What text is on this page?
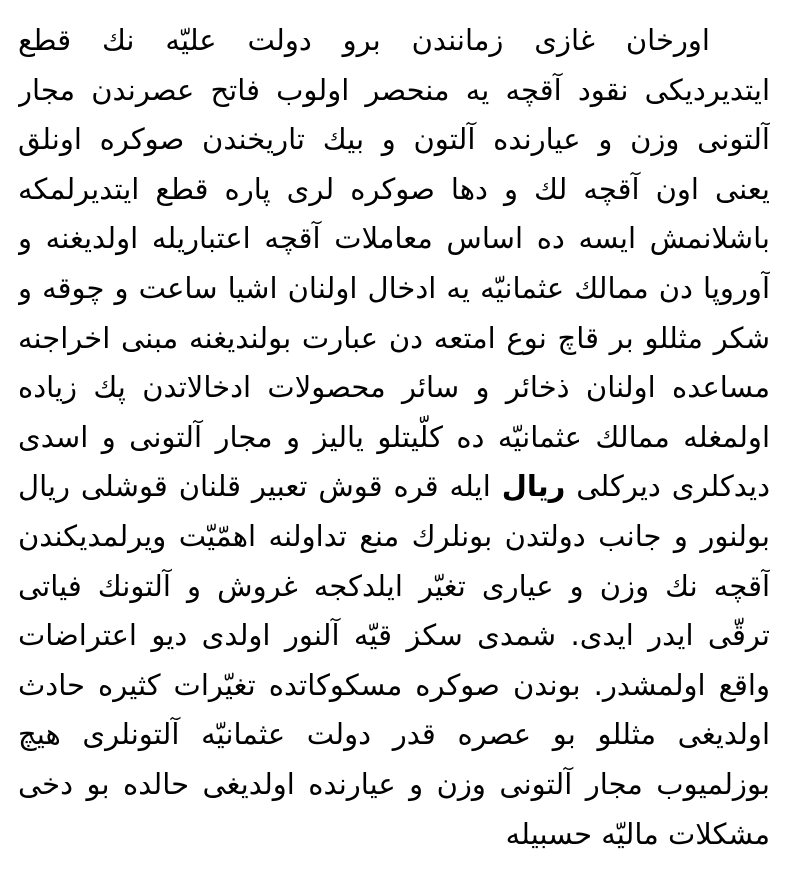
اورخان غازى زمانندن برو دولت عليّه نك قطع
ايتديرديكى نقود آقچه يه منحصر اولوب فاتح عصرندن مجار
آلتونى وزن و عيارنده آلتون و بيك تاريخندن صوكره اونلق
يعنى اون آقچه لك و دها صوكره لرى پاره قطع ايتديرلمكه
باشلانمش ايسه ده اساس معاملات آقچه اعتباريله اولديغنه و
آوروپا دن ممالك عثمانيّه يه ادخال اولنان اشيا ساعت و چوقه و
شكر مثللو بر قاچ نوع امتعه دن عبارت بولنديغنه مبنى اخراجنه
مساعده اولنان ذخائر و سائر محصولات ادخالاتدن پك زياده
اولمغله ممالك عثمانيّه ده كلّيتلو ياليز و مجار آلتونى و اسدى
ديدكلرى ديركلى ريال ايله قره قوش تعبير قلنان قوشلى ريال
بولنور و جانب دولتدن بونلرك منع تداولنه اهمّيّت ويرلمديكندن
آقچه نك وزن و عيارى تغيّر ايلدكجه غروش و آلتونك فياتى
ترقّى ايدر ايدى. شمدى سكز قيّه آلنور اولدى ديو اعتراضات
واقع اولمشدر. بوندن صوكره مسكوكاتده تغيّرات كثيره حادث
اولديغى مثللو بو عصره قدر دولت عثمانيّه آلتونلرى هيچ
بوزلميوب مجار آلتونى وزن و عيارنده اولديغى حالده بو دخى
مشكلات ماليّه حسبيله
